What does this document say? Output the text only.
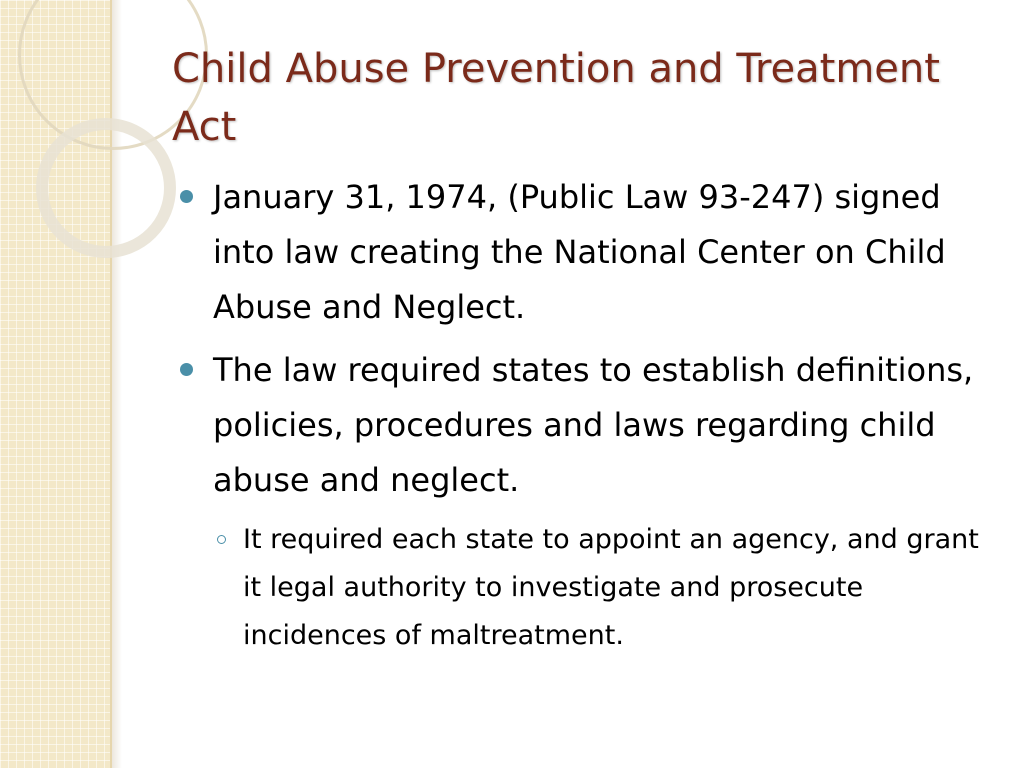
Child Abuse Prevention and Treatment Act
January 31, 1974, (Public Law 93-247) signed into law creating the National Center on Child Abuse and Neglect.
The law required states to establish definitions, policies, procedures and laws regarding child abuse and neglect.
It required each state to appoint an agency, and grant it legal authority to investigate and prosecute incidences of maltreatment.
